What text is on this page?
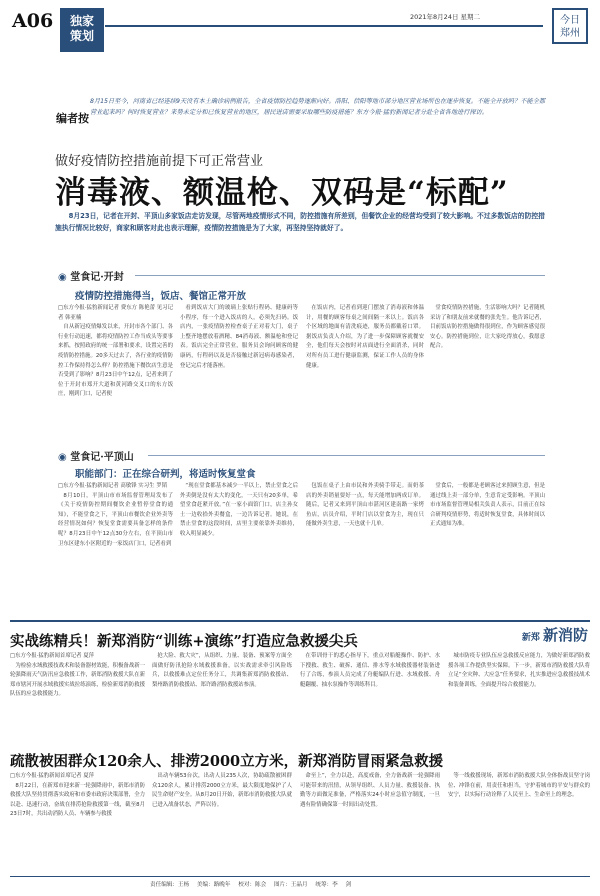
A06	独家
策划
2021年8月24日 星期二	今日
郑州
编者按
8月15日至今，河南省已经连续9天没有本土确诊病例报告，全省疫情防控趋势逐渐向好。洛阳、信阳等地市部分地区营业场所也在逐步恢复。不能全开放吗？不能全都营业起来吗？何时恢复营业？来势未定分和已恢复营业的地区，居民进店需要采取哪些防疫措施？东方今报·猛豹新闻记者分赴全省各地进行探访。
做好疫情防控措施前提下可正常营业
消毒液、额温枪、双码是“标配”
8月23日，记者在开封、平顶山多家饭店走访发现，尽管两地疫情形式不同，防控措施有所差别，但餐饮企业的经营均受到了较大影响。不过多数饭店的防控措施执行情况比较好，商家和顾客对此也表示理解，疫情防控措施是为了大家，再坚持坚持就好了。
◉ 堂食记·开封
疫情防控措施得当，饭店、餐馆正常开放
□东方今报·猛豹新闻记者 费东方 陈艳蕾 见习记者 韩亚楠

自从新冠疫情爆发以来，开封市各个部门、各行业行动迅速，都将疫情防控工作当成头等要事来抓，按照政府的统一部署和要求，设置完善的疫情防控措施。20多天过去了，各行业的疫情防控工作保持得怎么样？防控措施下餐饮店生意是否受到了影响？8月23日中午12点，记者来到了位于开封市郑开大道和黄河路交叉口的东方饭庄，刚到门口，记者便

看到饭店大门的玻璃上张贴行程码、健康码等小程序，每一个进入饭店的人，必须先扫码。饭店内，一张疫情防控检查桌子正对着大门，桌子上整齐地摆放着酒精、84消毒液、额温枪和登记表。饭店完全正常营业，服务员会询问顾客的健康码，行程码以及是否接触过新冠病毒感染者，登记完后才能落座。

在饭店内，记者看到迎门摆放了消毒液和体温计，用餐的顾客每桌之间间隔一米以上。饭店各个区域的地面有清洗痕迹，服务员都戴着口罩。据饭店负责人介绍，为了进一步保障顾客就餐安全，他们每天会按时对店面进行全面消杀，同时对所有员工进行健康监测，保证工作人员的身体健康。

堂食疫情防控措施，生活影响大吗？记者随机采访了和朋友前来就餐的张先生。他告诉记者，目前饭店防控措施做得很到位，作为顾客感觉很安心。防控措施到位，让大家吃得放心，我愿意配合。

◉ 堂食记·平顶山
职能部门：正在综合研判，将适时恢复堂食
□东方今报·猛豹新闻记者 高敏锋 实习生 罗韬

8月10日，平顶山市市场监督管理局发布了《关于疫情防控期间餐饮企业暂停堂食的通知》，不能堂食之下，平顶山市餐饮企业外卖等经营情况如何？恢复堂食需要具备怎样的条件呢？8月23日中午12点30分左右，在平顶山市卫东区建东小区附近的一家饭店门口，记者看到

“现在堂食都基本减少一半以上，禁止堂食之后外卖倒是没有太大的变化，一天只有20多单，希望堂食赶紧开放。”在一家小面馆门口，店主孙女士一边收拾外卖餐盒，一边告诉记者。她说，在禁止堂食的这段时间，店里主要依靠外卖维持，收入明显减少。

包饭在桌子上由市民和外卖骑手带走。而奶茶店的外卖销量要好一点，每天能增加两成订单。随后，记者又来到平顶山市湛河区建南路一家烤鱼店，店员介绍，平时门店以堂食为主，现在只能做外卖生意，一天也就十几单。

堂食后，一般都是老顾客过来照顾生意，但是通过线上卖一部分单，生意肯定受影响。平顶山市市场监督管理局相关负责人表示，目前正在综合研判疫情形势，将适时恢复堂食，具体时间以正式通知为准。

新郑 新消防
实战练精兵！新郑消防“训练+演练”打造应急救援尖兵
□东方今报·猛豹新闻首席记者 夏萍

为检验水域救援技战术和装备器材效能，积极备战新一轮强降雨天气防汛应急救援工作，新郑消防救援大队在新郑市辖河开展水域救援实战拉练演练，检验新郑消防救援队伍的应急救援能力。

抢大险、救大灾”，从组织、力量、装备、预案等方面全面做好防汛抢险水域救援准备，以实战需求牵引风险练兵，以救援难点定位任务分工，共调集新郑消防救援站、梨州路消防救援站、郑许路消防救援站参演。

在带训骨干的悉心指导下，重点对船艇操作、防护、水下搜救、救生、破拆、通信、排水等水域救援器材装备进行了合练，参演人员完成了舟艇编队行进、水域救援、舟艇翻覆、抽水泵操作等训练科目。

城市防疫专业队伍应急救援反应能力，为做好新郑消防救援各项工作提供坚实保障。下一步，新郑市消防救援大队将立足“全灾种、大应急”任务要求，扎实推进应急救援技战术和装备训练，全面提升综合救援能力。

疏散被困群众120余人、排涝2000立方米，新郑消防冒雨紧急救援
□东方今报·猛豹新闻首席记者 夏萍

8月22日，在新郑市迎来新一轮强降雨中，新郑市消防救援大队坚持贯彻落实政府和市委市政府决策部署，全力以赴、迅速行动，奋战在排涝抢险救援第一线，截至8月23日7时，共出动消防人员、车辆参与救援

出动车辆53台次，出动人员235人次，协助疏散被困群众120余人，累计排涝2000立方米，最大限度地保护了人民生命财产安全。从8月20日开始，新郑市消防救援大队就已进入战备状态，严阵以待。

命至上”，全力以赴，高度戒备，全力备战新一轮强降雨可能带来的汛情，从领导组织、人员力量、救援装备、执勤等方面做足准备，严格落实24小时应急值守制度，一旦遇有险情确保第一时间出动处置。

等一线救援现场，新郑市消防救援大队全体指战员坚守岗位、冲锋在前，用责任和担当，守护着城市的平安与群众的安宁，以实际行动诠释了人民至上、生命至上的理念。

责任编辑：王杨 美编：路晚年 校对：陈会 图片：王晶月 统筹：李 剑
